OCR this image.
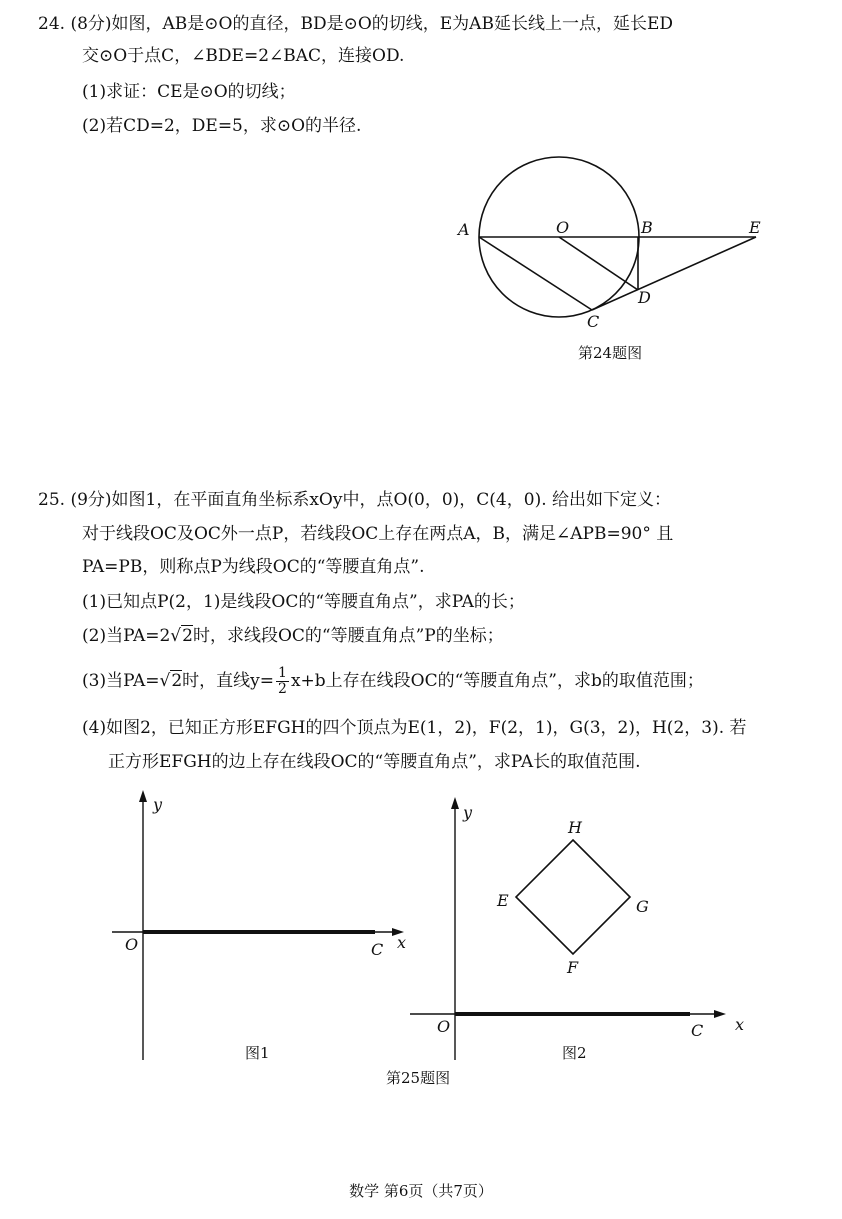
24. (8分)如图，AB是⊙O的直径，BD是⊙O的切线，E为AB延长线上一点，延长ED
交⊙O于点C，∠BDE=2∠BAC，连接OD.
(1)求证：CE是⊙O的切线；
(2)若CD=2，DE=5，求⊙O的半径.
A	O	B	E
C
D
y
x
O	C
y
x
O	C
H
E	G
F
第24题图
25. (9分)如图1，在平面直角坐标系xOy中，点O(0，0)，C(4，0). 给出如下定义：
对于线段OC及OC外一点P，若线段OC上存在两点A，B，满足∠APB=90° 且
PA=PB，则称点P为线段OC的“等腰直角点”.
(1)已知点P(2，1)是线段OC的“等腰直角点”，求PA的长；
(2)当PA=2√2时，求线段OC的“等腰直角点”P的坐标；
(3)当PA=√2时，直线$y= \frac{1}{2} x+b$上存在线段OC的“等腰直角点”，求b的取值范围；
(4)如图2，已知正方形EFGH的四个顶点为E(1，2)，F(2，1)，G(3，2)，H(2，3). 若
正方形EFGH的边上存在线段OC的“等腰直角点”，求PA长的取值范围.
图1	图2
第25题图
数学 第6页（共7页）
